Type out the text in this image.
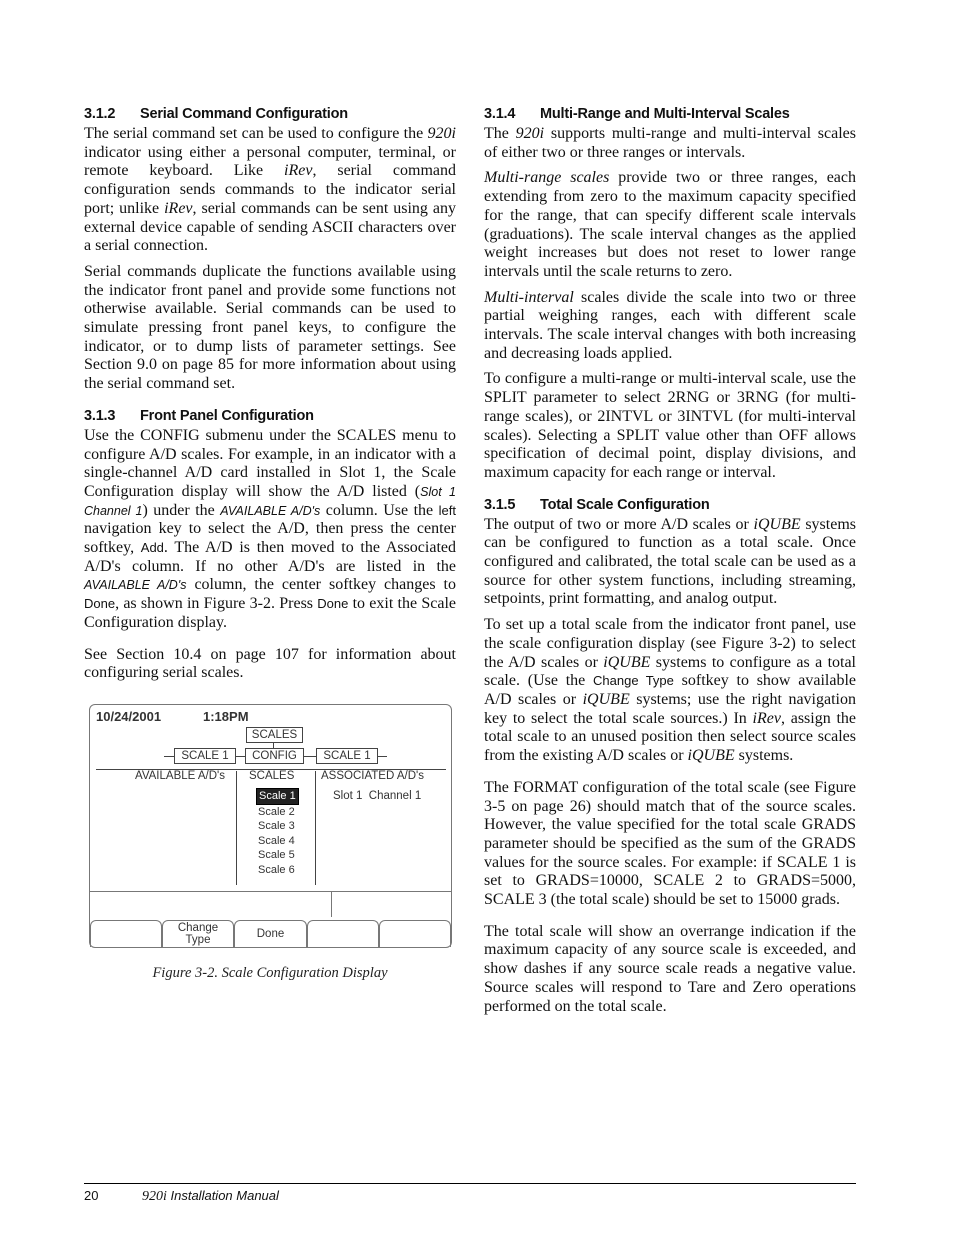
3.1.2 Serial Command Configuration

The serial command set can be used to configure the 920i indicator using either a personal computer, terminal, or remote keyboard. Like iRev, serial command configuration sends commands to the indicator serial port; unlike iRev, serial commands can be sent using any external device capable of sending ASCII characters over a serial connection.

Serial commands duplicate the functions available using the indicator front panel and provide some functions not otherwise available. Serial commands can be used to simulate pressing front panel keys, to configure the indicator, or to dump lists of parameter settings. See Section 9.0 on page 85 for more information about using the serial command set.

3.1.3 Front Panel Configuration

Use the CONFIG submenu under the SCALES menu to configure A/D scales. For example, in an indicator with a single-channel A/D card installed in Slot 1, the Scale Configuration display will show the A/D listed (Slot 1 Channel 1) under the AVAILABLE A/D's column. Use the left navigation key to select the A/D, then press the center softkey, Add. The A/D is then moved to the Associated A/D's column. If no other A/D's are listed in the AVAILABLE A/D's column, the center softkey changes to Done, as shown in Figure 3-2. Press Done to exit the Scale Configuration display.

See Section 10.4 on page 107 for information about configuring serial scales.

10/24/2001	1:18PM
SCALES
SCALE 1	CONFIG	SCALE 1
AVAILABLE A/D's SCALES ASSOCIATED A/D's
Scale 1
Scale 2
Scale 3
Scale 4
Scale 5
Scale 6
Slot 1  Channel 1
Change
Type	Done

Figure 3-2. Scale Configuration Display

3.1.4 Multi-Range and Multi-Interval Scales

The 920i supports multi-range and multi-interval scales of either two or three ranges or intervals.

Multi-range scales provide two or three ranges, each extending from zero to the maximum capacity specified for the range, that can specify different scale intervals (graduations). The scale interval changes as the applied weight increases but does not reset to lower range intervals until the scale returns to zero.

Multi-interval scales divide the scale into two or three partial weighing ranges, each with different scale intervals. The scale interval changes with both increasing and decreasing loads applied.

To configure a multi-range or multi-interval scale, use the SPLIT parameter to select 2RNG or 3RNG (for multi-range scales), or 2INTVL or 3INTVL (for multi-interval scales). Selecting a SPLIT value other than OFF allows specification of decimal point, display divisions, and maximum capacity for each range or interval.

3.1.5 Total Scale Configuration

The output of two or more A/D scales or iQUBE systems can be configured to function as a total scale. Once configured and calibrated, the total scale can be used as a source for other system functions, including streaming, setpoints, print formatting, and analog output.

To set up a total scale from the indicator front panel, use the scale configuration display (see Figure 3-2) to select the A/D scales or iQUBE systems to configure as a total scale. (Use the Change Type softkey to show available A/D scales or iQUBE systems; use the right navigation key to select the total scale sources.) In iRev, assign the total scale to an unused position then select source scales from the existing A/D scales or iQUBE systems.

The FORMAT configuration of the total scale (see Figure 3-5 on page 26) should match that of the source scales. However, the value specified for the total scale GRADS parameter should be specified as the sum of the GRADS values for the source scales. For example: if SCALE 1 is set to GRADS=10000, SCALE 2 to GRADS=5000, SCALE 3 (the total scale) should be set to 15000 grads.

The total scale will show an overrange indication if the maximum capacity of any source scale is exceeded, and show dashes if any source scale reads a negative value. Source scales will respond to Tare and Zero operations performed on the total scale.

20	920i Installation Manual
